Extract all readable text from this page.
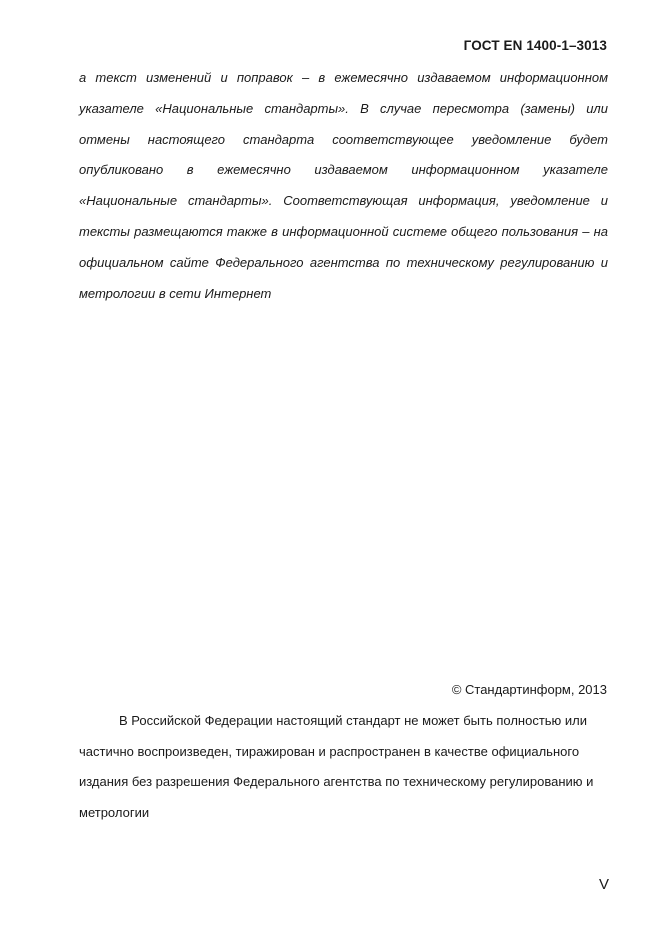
ГОСТ EN 1400-1–3013

а текст изменений и поправок – в ежемесячно издаваемом информационном указателе «Национальные стандарты». В случае пересмотра (замены) или отмены настоящего стандарта соответствующее уведомление будет опубликовано в ежемесячно издаваемом информационном указателе «Национальные стандарты». Соответствующая информация, уведомление и тексты размещаются также в информационной системе общего пользования – на официальном сайте Федерального агентства по техническому регулированию и метрологии в сети Интернет

© Стандартинформ, 2013

В Российской Федерации настоящий стандарт не может быть полностью или частично воспроизведен, тиражирован и распространен в качестве официального издания без разрешения Федерального агентства по техническому регулированию и метрологии

V
